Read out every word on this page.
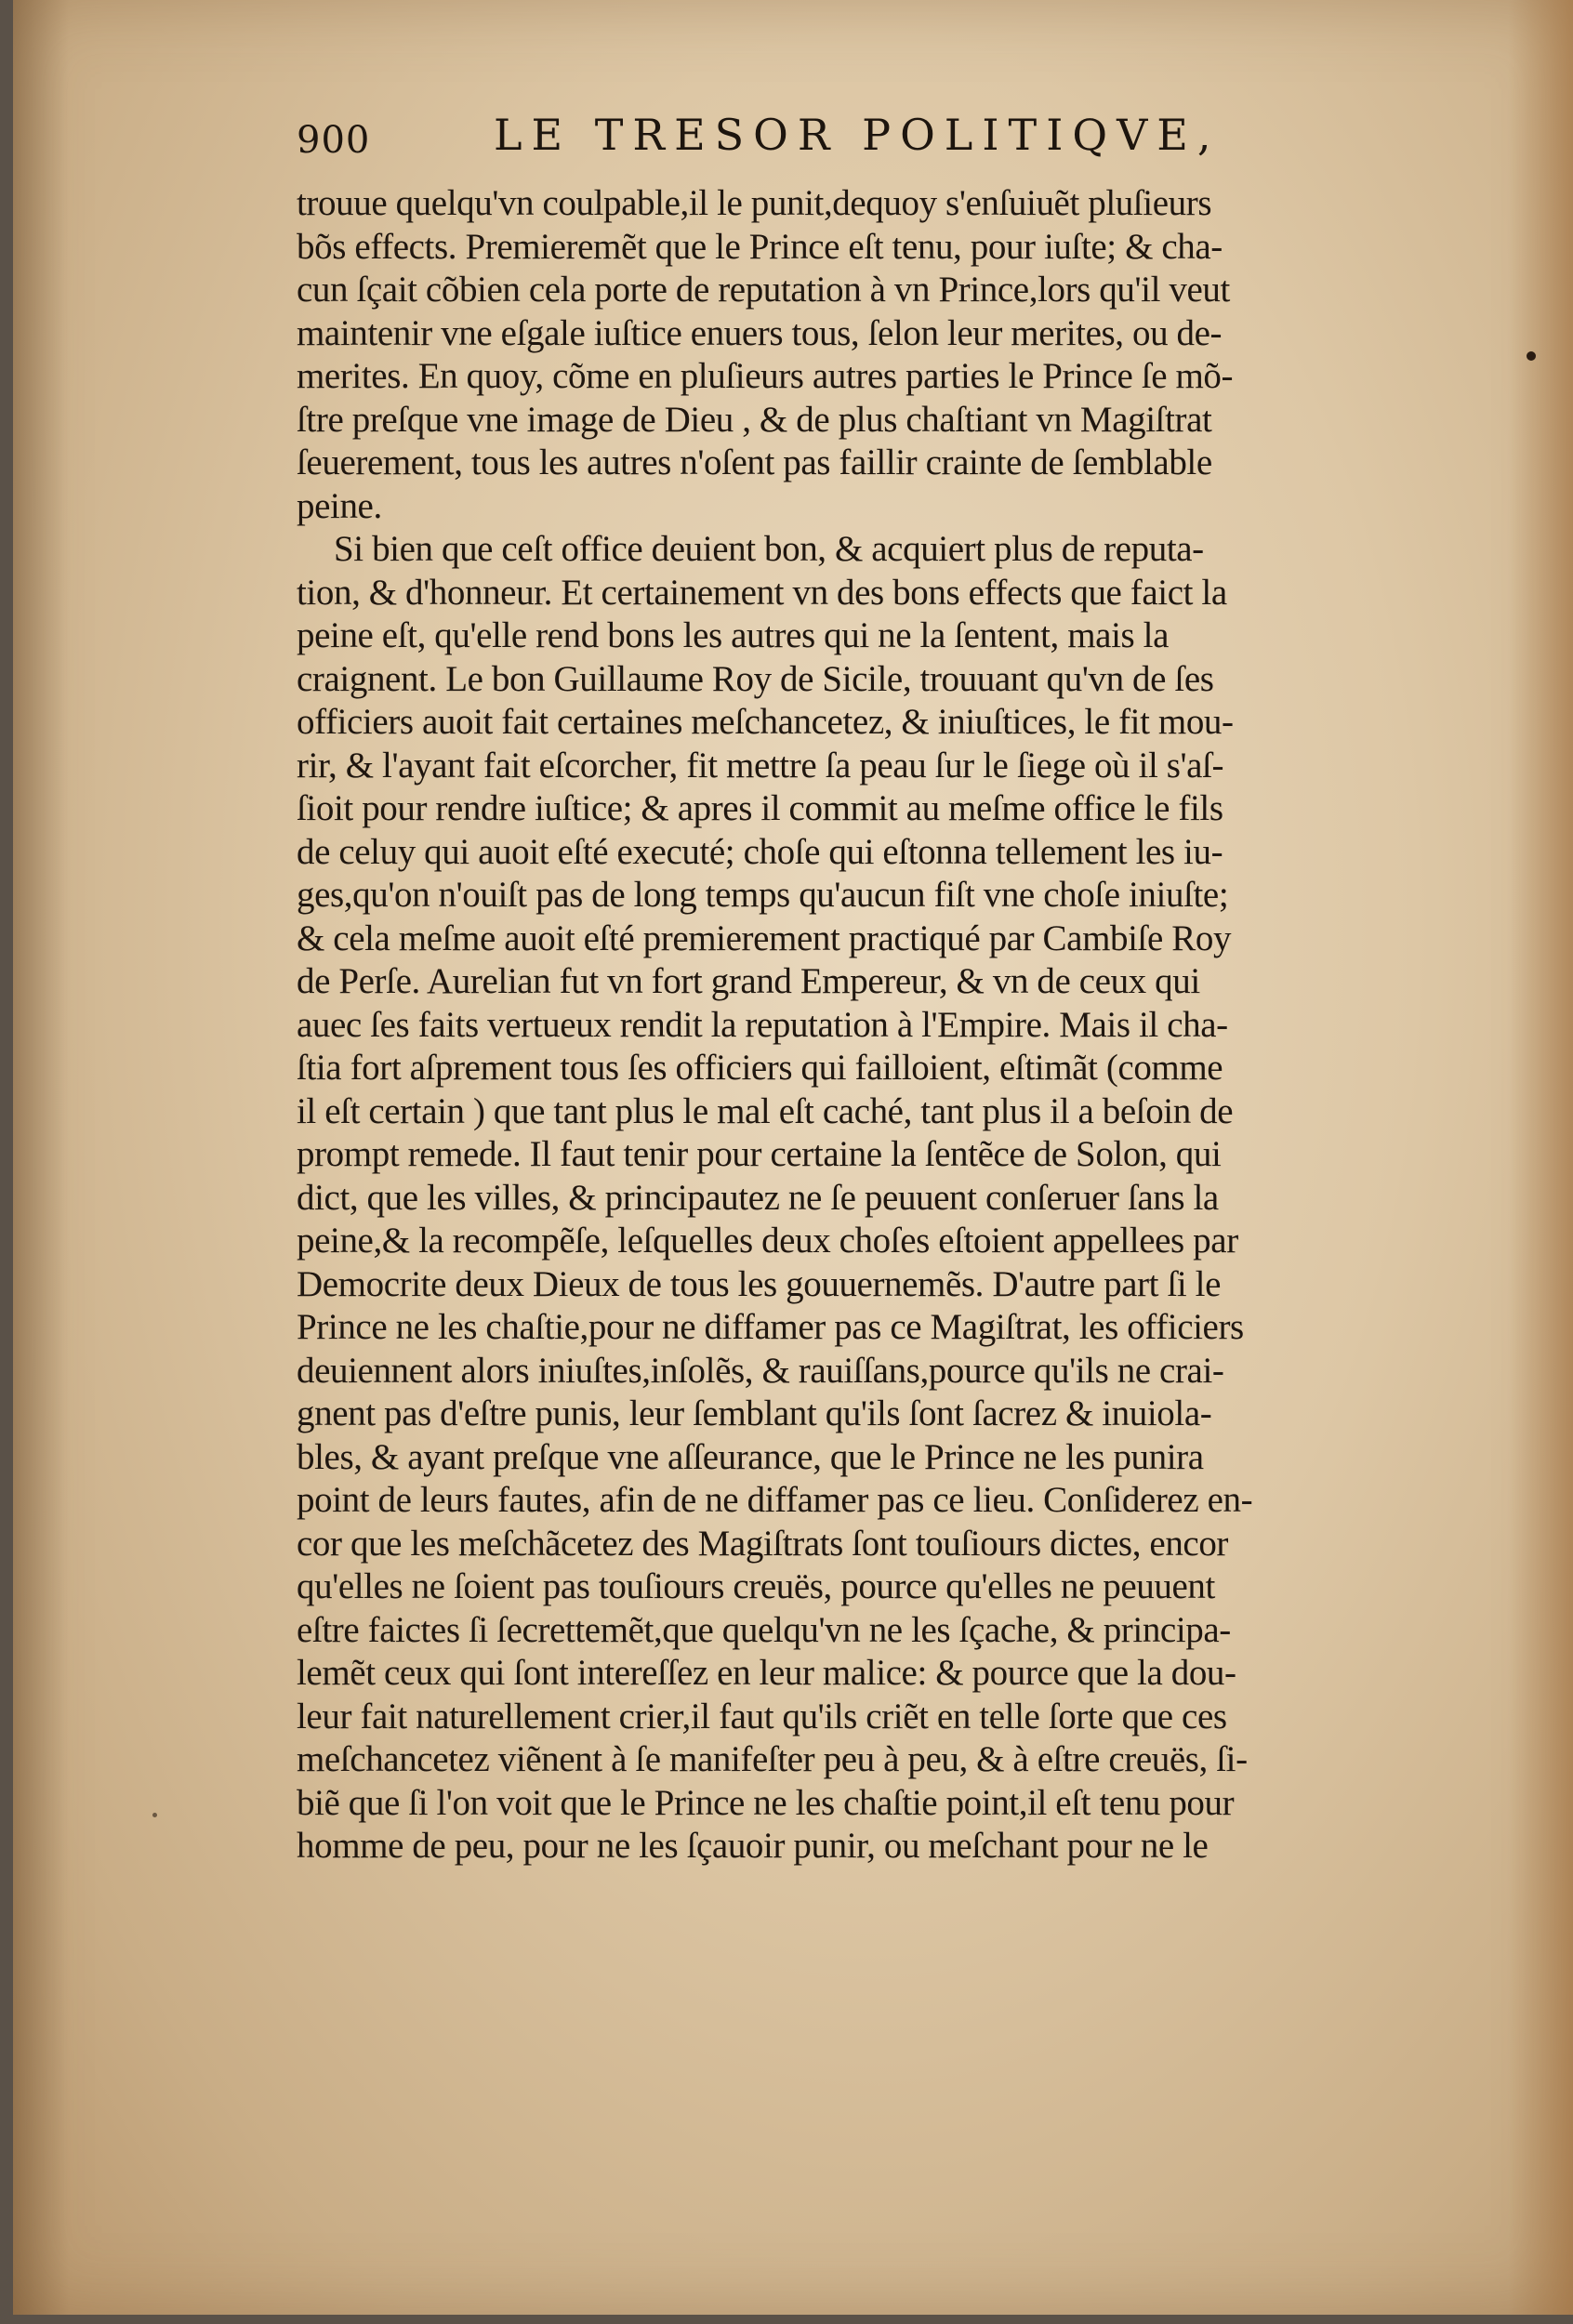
900	LE TRESOR POLITIQVE,
trouue quelqu'vn coulpable,il le punit,dequoy s'enſuiuẽt pluſieurs
bõs effects. Premieremẽt que le Prince eſt tenu, pour iuſte; & cha-
cun ſçait cõbien cela porte de reputation à vn Prince,lors qu'il veut
maintenir vne eſgale iuſtice enuers tous, ſelon leur merites, ou de-
merites. En quoy, cõme en pluſieurs autres parties le Prince ſe mõ-
ſtre preſque vne image de Dieu , & de plus chaſtiant vn Magiſtrat
ſeuerement, tous les autres n'oſent pas faillir crainte de ſemblable
peine.
Si bien que ceſt office deuient bon, & acquiert plus de reputa-
tion, & d'honneur. Et certainement vn des bons effects que faict la
peine eſt, qu'elle rend bons les autres qui ne la ſentent, mais la
craignent. Le bon Guillaume Roy de Sicile, trouuant qu'vn de ſes
officiers auoit fait certaines meſchancetez, & iniuſtices, le fit mou-
rir, & l'ayant fait eſcorcher, fit mettre ſa peau ſur le ſiege où il s'aſ-
ſioit pour rendre iuſtice; & apres il commit au meſme office le fils
de celuy qui auoit eſté executé; choſe qui eſtonna tellement les iu-
ges,qu'on n'ouiſt pas de long temps qu'aucun fiſt vne choſe iniuſte;
& cela meſme auoit eſté premierement practiqué par Cambiſe Roy
de Perſe. Aurelian fut vn fort grand Empereur, & vn de ceux qui
auec ſes faits vertueux rendit la reputation à l'Empire. Mais il cha-
ſtia fort aſprement tous ſes officiers qui failloient, eſtimãt (comme
il eſt certain ) que tant plus le mal eſt caché, tant plus il a beſoin de
prompt remede. Il faut tenir pour certaine la ſentẽce de Solon, qui
dict, que les villes, & principautez ne ſe peuuent conſeruer ſans la
peine,& la recompẽſe, leſquelles deux choſes eſtoient appellees par
Democrite deux Dieux de tous les gouuernemẽs. D'autre part ſi le
Prince ne les chaſtie,pour ne diffamer pas ce Magiſtrat, les officiers
deuiennent alors iniuſtes,inſolẽs, & rauiſſans,pource qu'ils ne crai-
gnent pas d'eſtre punis, leur ſemblant qu'ils ſont ſacrez & inuiola-
bles, & ayant preſque vne aſſeurance, que le Prince ne les punira
point de leurs fautes, afin de ne diffamer pas ce lieu. Conſiderez en-
cor que les meſchãcetez des Magiſtrats ſont touſiours dictes, encor
qu'elles ne ſoient pas touſiours creuës, pource qu'elles ne peuuent
eſtre faictes ſi ſecrettemẽt,que quelqu'vn ne les ſçache, & principa-
lemẽt ceux qui ſont intereſſez en leur malice: & pource que la dou-
leur fait naturellement crier,il faut qu'ils criẽt en telle ſorte que ces
meſchancetez viẽnent à ſe manifeſter peu à peu, & à eſtre creuës, ſi-
biẽ que ſi l'on voit que le Prince ne les chaſtie point,il eſt tenu pour
homme de peu, pour ne les ſçauoir punir, ou meſchant pour ne le
